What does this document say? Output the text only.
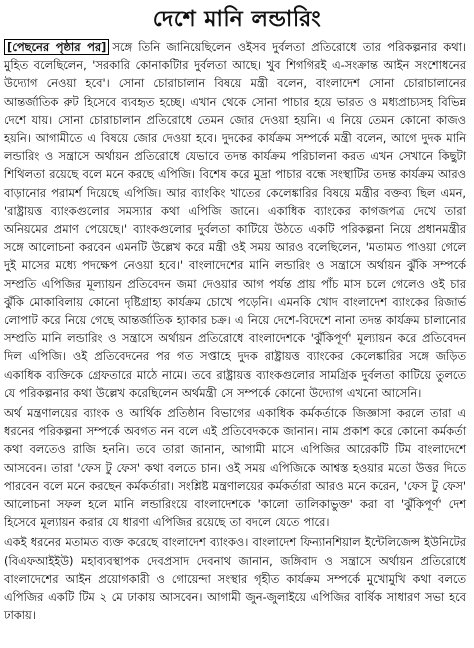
দেশে মানি লন্ডারিং

[পেছনের পৃষ্ঠার পর] সঙ্গে তিনি জানিয়েছিলেন ওইসব দুর্বলতা প্রতিরোধে তার পরিকল্পনার কথা। মুহিত বলেছিলেন, 'সরকারি কোনাকটিার দুর্বলতা আছে। খুব শিগগিরই এ-সংক্রান্ত আইন সংশোধনের উদ্যোগ নেওয়া হবে'। সোনা চোরাচালান বিষয়ে মন্ত্রী বলেন, বাংলাদেশ সোনা চোরাচালানের আন্তর্জাতিক রুট হিসেবে ব্যবহৃত হচ্ছে। এখান থেকে সোনা পাচার হয়ে ভারত ও মধ্যপ্রাচ্যসহ বিভিন্ন দেশে যায়। সোনা চোরাচালান প্রতিরোধে তেমন জোর দেওয়া হয়নি। এ নিয়ে তেমন কোনো কাজও হয়নি। আগামীতে এ বিষয়ে জোর দেওয়া হবে। দুদকের কার্যক্রম সম্পর্কে মন্ত্রী বলেন, আগে দুদক মানি লন্ডারিং ও সন্ত্রাসে অর্থায়ন প্রতিরোধে যেভাবে তদন্ত কার্যক্রম পরিচালনা করত এখন সেখানে কিছুটা শিথিলতা রয়েছে বলে মনে করছে এপিজি। বিশেষ করে মুদ্রা পাচার বন্ধে সংস্থাটির তদন্ত কার্যক্রম আরও বাড়ানোর পরামর্শ দিয়েছে এপিজি। আর ব্যাংকিং খাতের কেলেঙ্কারির বিষয়ে মন্ত্রীর বক্তব্য ছিল এমন, 'রাষ্ট্রায়ত্ত ব্যাংকগুলোর সমস্যার কথা এপিজি জানে। একাধিক ব্যাংকের কাগজপত্র দেখে তারা অনিয়মের প্রমাণ পেয়েছে।' ব্যাংকগুলোর দুর্বলতা কাটিয়ে উঠতে একটি পরিকল্পনা নিয়ে প্রধানমন্ত্রীর সঙ্গে আলোচনা করবেন এমনটি উল্লেখ করে মন্ত্রী ওই সময় আরও বলেছিলেন, 'মতামত পাওয়া গেলে দুই মাসের মধ্যে পদক্ষেপ নেওয়া হবে।' বাংলাদেশের মানি লন্ডারিং ও সন্ত্রাসে অর্থায়ন ঝুঁকি সম্পর্কে সম্প্রতি এপিজির মূল্যায়ন প্রতিবেদন জমা দেওয়ার আগ পর্যন্ত প্রায় পাঁচ মাস চলে গেলেও ওই চার ঝুঁকি মোকাবিলায় কোনো দৃষ্টিগ্রাহ্য কার্যক্রম চোখে পড়েনি। এমনকি খোদ বাংলাদেশ ব্যাংকের রিজার্ভ লোপাট করে নিয়ে গেছে আন্তর্জাতিক হ্যাকার চক্র। এ নিয়ে দেশে-বিদেশে নানা তদন্ত কার্যক্রম চালানোর সম্প্রতি মানি লন্ডারিং ও সন্ত্রাসে অর্থায়ন প্রতিরোধে বাংলাদেশকে 'ঝুঁকিপূর্ণ' মূল্যায়ন করে প্রতিবেদন দিল এপিজি। ওই প্রতিবেদনের পর গত সপ্তাহে দুদক রাষ্ট্রায়ত্ত ব্যাংকের কেলেঙ্কারির সঙ্গে জড়িত একাধিক ব্যক্তিকে গ্রেফতারে মাঠে নামে। তবে রাষ্ট্রায়ত্ত ব্যাংকগুলোর সামগ্রিক দুর্বলতা কাটিয়ে তুলতে যে পরিকল্পনার কথা উল্লেখ করেছিলেন অর্থমন্ত্রী সে সম্পর্কে কোনো উদ্যোগ এখনো আসেনি।

অর্থ মন্ত্রণালয়ের ব্যাংক ও আর্থিক প্রতিষ্ঠান বিভাগের একাধিক কর্মকর্তাকে জিজ্ঞাসা করলে তারা এ ধরনের পরিকল্পনা সম্পর্কে অবগত নন বলে এই প্রতিবেদককে জানান। নাম প্রকাশ করে কোনো কর্মকর্তা কথা বলতেও রাজি হননি। তবে তারা জানান, আগামী মাসে এপিজির আরেকটি টিম বাংলাদেশে আসবেন। তারা 'ফেস টু ফেস' কথা বলতে চান। ওই সময় এপিজিকে আশ্বস্ত হওয়ার মতো উত্তর দিতে পারবেন বলে মনে করছেন কর্মকর্তারা। সংশ্লিষ্ট মন্ত্রণালয়ের কর্মকর্তারা আরও মনে করেন, 'ফেস টু ফেস' আলোচনা সফল হলে মানি লন্ডারিংয়ে বাংলাদেশকে 'কালো তালিকাভুক্ত' করা বা 'ঝুঁকিপূর্ণ' দেশ হিসেবে মূল্যায়ন করার যে ধারণা এপিজির রয়েছে তা বদলে যেতে পারে।

একই ধরনের মতামত ব্যক্ত করেছে বাংলাদেশ ব্যাংকও। বাংলাদেশ ফিন্যানশিয়াল ইন্টেলিজেন্স ইউনিটের (বিএফআইইউ) মহাব্যবস্থাপক দেবপ্রসাদ দেবনাথ জানান, জঙ্গিবাদ ও সন্ত্রাসে অর্থায়ন প্রতিরোধে বাংলাদেশের আইন প্রয়োগকারী ও গোয়েন্দা সংস্থার গৃহীত কার্যক্রম সম্পর্কে মুখোমুখি কথা বলতে এপিজির একটি টিম ২ মে ঢাকায় আসবেন। আগামী জুন-জুলাইয়ে এপিজির বার্ষিক সাধারণ সভা হবে ঢাকায়।
